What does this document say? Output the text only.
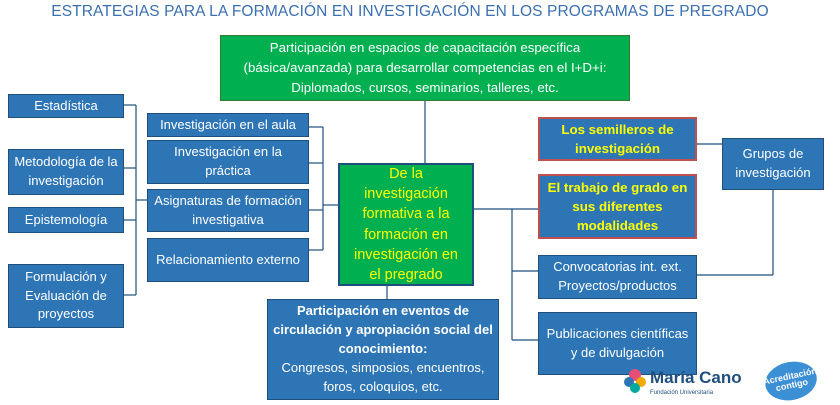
ESTRATEGIAS PARA LA FORMACIÓN EN INVESTIGACIÓN EN LOS PROGRAMAS DE PREGRADO
Participación en espacios de capacitación específica
(básica/avanzada) para desarrollar competencias en el I+D+i:
Diplomados, cursos, seminarios, talleres, etc.
Estadística
Metodología de la investigación
Epistemología
Formulación y Evaluación de proyectos
Investigación en el aula
Investigación en la práctica
Asignaturas de formación investigativa
Relacionamiento externo
De la investigación formativa a la formación en investigación en el pregrado
Los semilleros de investigación
El trabajo de grado en sus diferentes modalidades
Convocatorias int. ext. Proyectos/productos
Publicaciones científicas y de divulgación
Grupos de investigación
Participación en eventos de circulación y apropiación social del conocimiento:
Congresos, simposios, encuentros, foros, coloquios, etc.	María Cano
Fundación Universitaria
Acreditación contigo
